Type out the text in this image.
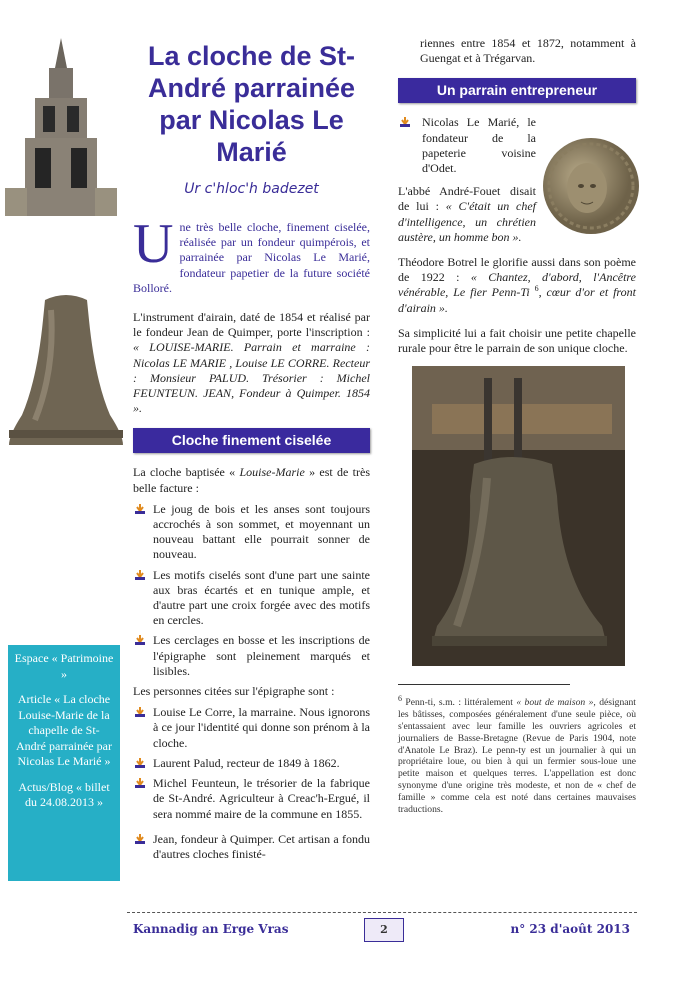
La cloche de St-André parrainée par Nicolas Le Marié
Ur c'hloc'h badezet
Une très belle cloche, finement ciselée, réalisée par un fondeur quimpérois, et parrainée par Nicolas Le Marié, fondateur papetier de la future société Bolloré.

L'instrument d'airain, daté de 1854 et réalisé par le fondeur Jean de Quimper, porte l'inscription : « LOUISE-MARIE. Parrain et marraine : Nicolas LE MARIE , Louise LE CORRE. Recteur : Monsieur PALUD. Trésorier : Michel FEUNTEUN. JEAN, Fondeur à Quimper. 1854 ».

Cloche finement ciselée

La cloche baptisée « Louise-Marie » est de très belle facture :

Le joug de bois et les anses sont toujours accrochés à son sommet, et moyennant un nouveau battant elle pourrait sonner de nouveau.
Les motifs ciselés sont d'une part une sainte aux bras écartés et en tunique ample, et d'autre part une croix forgée avec des motifs en cercles.
Les cerclages en bosse et les inscriptions de l'épigraphe sont pleinement marqués et lisibles.

Les personnes citées sur l'épigraphe sont :

Louise Le Corre, la marraine. Nous ignorons à ce jour l'identité qui donne son prénom à la cloche.
Laurent Palud, recteur de 1849 à 1862.
Michel Feunteun, le trésorier de la fabrique de St-André. Agriculteur à Creac'h-Ergué, il sera nommé maire de la commune en 1855.
Jean, fondeur à Quimper. Cet artisan a fondu d'autres cloches finisté-

riennes entre 1854 et 1872, notamment à Guengat et à Trégarvan.

Un parrain entrepreneur
Nicolas Le Marié, le fondateur de la papeterie voisine d'Odet.

L'abbé André-Fouet disait de lui : « C'était un chef d'intelligence, un chrétien austère, un homme bon ».

Théodore Botrel le glorifie aussi dans son poème de 1922 : « Chantez, d'abord, l'Ancêtre vénérable, Le fier Penn-Ti $^6$, cœur d'or et front d'airain ».

Sa simplicité lui a fait choisir une petite chapelle rurale pour être le parrain de son unique cloche.

$^6$ Penn-ti, s.m. : littéralement « bout de maison », désignant les bâtisses, composées généralement d'une seule pièce, où s'entassaient avec leur famille les ouvriers agricoles et journaliers de Basse-Bretagne (Revue de Paris 1904, note d'Anatole Le Braz). Le penn-ty est un journalier à qui un propriétaire loue, ou bien à qui un fermier sous-loue une petite maison et quelques terres. L'appellation est donc synonyme d'une origine très modeste, et non de « chef de famille » comme cela est noté dans certaines mauvaises traductions.

Espace « Patrimoine »

Article « La cloche Louise-Marie de la chapelle de St-André parrainée par Nicolas Le Marié »

Actus/Blog « billet du 24.08.2013 »

Kannadig an Erge Vras	2	n° 23 d'août 2013
